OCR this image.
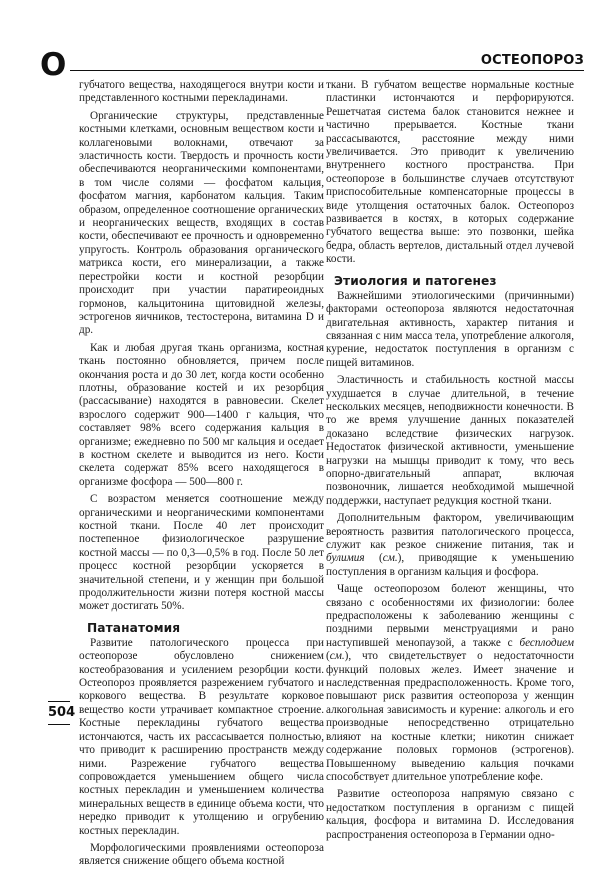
О	ОСТЕОПОРОЗ

губчатого вещества, находящегося внутри кости и представленного костными перекладинами.

Органические структуры, представленные костными клетками, основным веществом кости и коллагеновыми волокнами, отвечают за эластичность кости. Твердость и прочность кости обеспечиваются неорганическими компонентами, в том числе солями — фосфатом кальция, фосфатом магния, карбонатом кальция. Таким образом, определенное соотношение органических и неорганических веществ, входящих в состав кости, обеспечивают ее прочность и одновременно упругость. Контроль образования органического матрикса кости, его минерализации, а также перестройки кости и костной резорбции происходит при участии паратиреоидных гормонов, кальцитонина щитовидной железы, эстрогенов яичников, тестостерона, витамина D и др.

Как и любая другая ткань организма, костная ткань постоянно обновляется, причем после окончания роста и до 30 лет, когда кости особенно плотны, образование костей и их резорбция (рассасывание) находятся в равновесии. Скелет взрослого содержит 900—1400 г кальция, что составляет 98% всего содержания кальция в организме; ежедневно по 500 мг кальция и оседает в костном скелете и выводится из него. Кости скелета содержат 85% всего находящегося в организме фосфора — 500—800 г.

С возрастом меняется соотношение между органическими и неорганическими компонентами костной ткани. После 40 лет происходит постепенное физиологическое разрушение костной массы — по 0,3—0,5% в год. После 50 лет процесс костной резорбции ускоряется в значительной степени, и у женщин при большой продолжительности жизни потеря костной массы может достигать 50%.

Патанатомия

Развитие патологического процесса при остеопорозе обусловлено снижением костеобразования и усилением резорбции кости. Остеопороз проявляется разрежением губчатого и коркового вещества. В результате корковое вещество кости утрачивает компактное строение. Костные перекладины губчатого вещества истончаются, часть их рассасывается полностью, что приводит к расширению пространств между ними. Разрежение губчатого вещества сопровождается уменьшением общего числа костных перекладин и уменьшением количества минеральных веществ в единице объема кости, что нередко приводит к утолщению и огрубению костных перекладин.

Морфологическими проявлениями остеопороза является снижение общего объема костной

ткани. В губчатом веществе нормальные костные пластинки истончаются и перфорируются. Решетчатая система балок становится нежнее и частично прерывается. Костные ткани рассасываются, расстояние между ними увеличивается. Это приводит к увеличению внутреннего костного пространства. При остеопорозе в большинстве случаев отсутствуют приспособительные компенсаторные процессы в виде утолщения остаточных балок. Остеопороз развивается в костях, в которых содержание губчатого вещества выше: это позвонки, шейка бедра, область вертелов, дистальный отдел лучевой кости.

Этиология и патогенез

Важнейшими этиологическими (причинными) факторами остеопороза являются недостаточная двигательная активность, характер питания и связанная с ним масса тела, употребление алкоголя, курение, недостаток поступления в организм с пищей витаминов.

Эластичность и стабильность костной массы ухудшается в случае длительной, в течение нескольких месяцев, неподвижности конечности. В то же время улучшение данных показателей доказано вследствие физических нагрузок. Недостаток физической активности, уменьшение нагрузки на мышцы приводит к тому, что весь опорно-двигательный аппарат, включая позвоночник, лишается необходимой мышечной поддержки, наступает редукция костной ткани.

Дополнительным фактором, увеличивающим вероятность развития патологического процесса, служит как резкое снижение питания, так и булимия (см.), приводящие к уменьшению поступления в организм кальция и фосфора.

Чаще остеопорозом болеют женщины, что связано с особенностями их физиологии: более предрасположены к заболеванию женщины с поздними первыми менструациями и рано наступившей менопаузой, а также с бесплодием (см.), что свидетельствует о недостаточности функций половых желез. Имеет значение и наследственная предрасположенность. Кроме того, повышают риск развития остеопороза у женщин алкогольная зависимость и курение: алкоголь и его производные непосредственно отрицательно влияют на костные клетки; никотин снижает содержание половых гормонов (эстрогенов). Повышенному выведению кальция почками способствует длительное употребление кофе.

Развитие остеопороза напрямую связано с недостатком поступления в организм с пищей кальция, фосфора и витамина D. Исследования распространения остеопороза в Германии одно-

504
